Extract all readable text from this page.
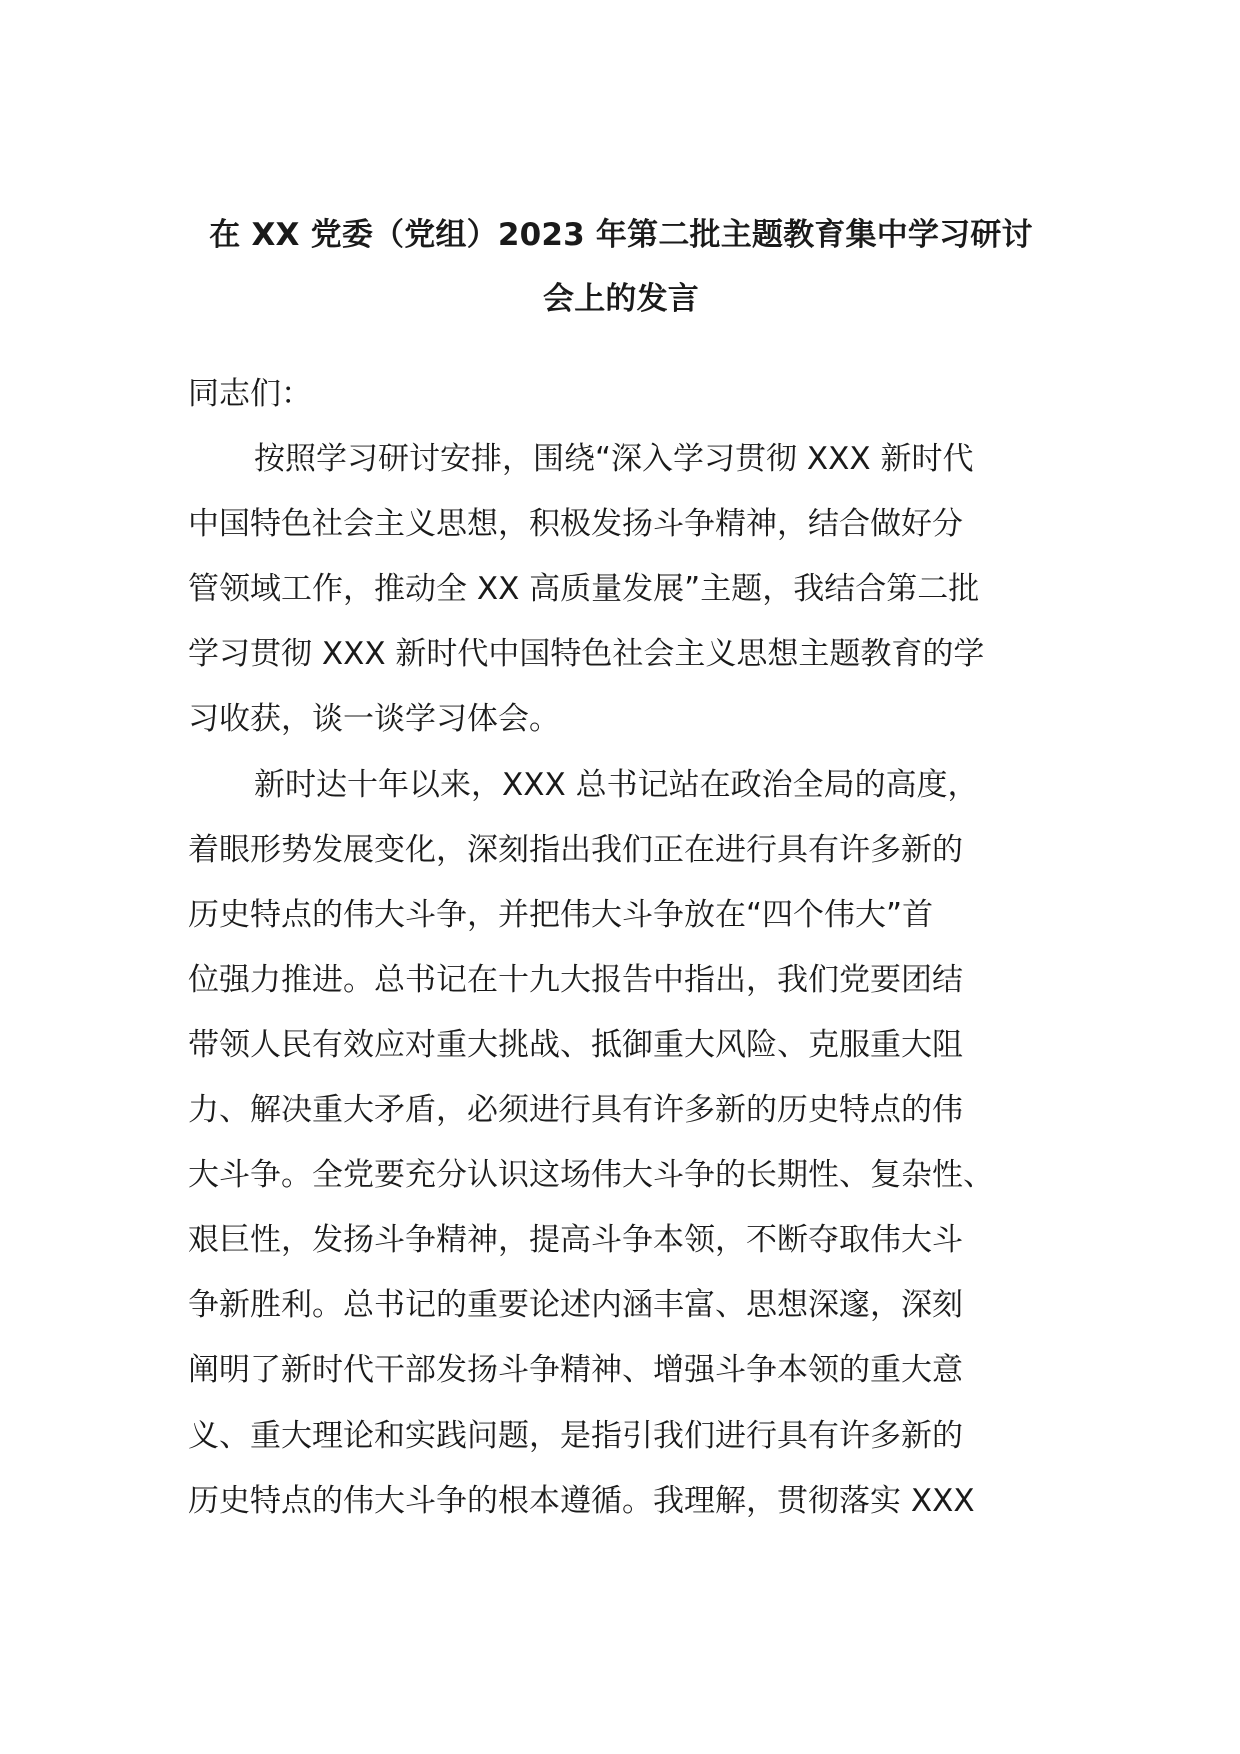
在 XX 党委（党组）2023 年第二批主题教育集中学习研讨
会上的发言
同志们：
按照学习研讨安排，围绕“深入学习贯彻 XXX 新时代
中国特色社会主义思想，积极发扬斗争精神，结合做好分
管领域工作，推动全 XX 高质量发展”主题，我结合第二批
学习贯彻 XXX 新时代中国特色社会主义思想主题教育的学
习收获，谈一谈学习体会。
新时达十年以来，XXX 总书记站在政治全局的高度，
着眼形势发展变化，深刻指出我们正在进行具有许多新的
历史特点的伟大斗争，并把伟大斗争放在“四个伟大”首
位强力推进。总书记在十九大报告中指出，我们党要团结
带领人民有效应对重大挑战、抵御重大风险、克服重大阻
力、解决重大矛盾，必须进行具有许多新的历史特点的伟
大斗争。全党要充分认识这场伟大斗争的长期性、复杂性、
艰巨性，发扬斗争精神，提高斗争本领，不断夺取伟大斗
争新胜利。总书记的重要论述内涵丰富、思想深邃，深刻
阐明了新时代干部发扬斗争精神、增强斗争本领的重大意
义、重大理论和实践问题，是指引我们进行具有许多新的
历史特点的伟大斗争的根本遵循。我理解，贯彻落实 XXX
